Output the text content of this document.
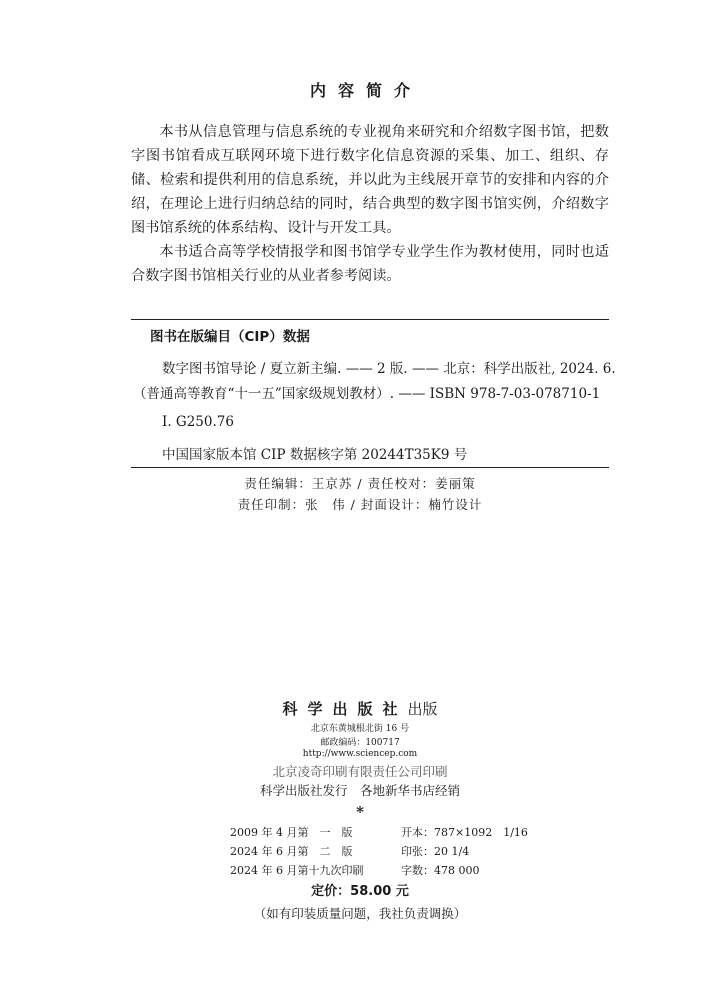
内容简介

本书从信息管理与信息系统的专业视角来研究和介绍数字图书馆，把数字图书馆看成互联网环境下进行数字化信息资源的采集、加工、组织、存储、检索和提供利用的信息系统，并以此为主线展开章节的安排和内容的介绍，在理论上进行归纳总结的同时，结合典型的数字图书馆实例，介绍数字图书馆系统的体系结构、设计与开发工具。

本书适合高等学校情报学和图书馆学专业学生作为教材使用，同时也适合数字图书馆相关行业的从业者参考阅读。

图书在版编目（CIP）数据
数字图书馆导论 / 夏立新主编. —— 2 版. —— 北京：科学出版社, 2024. 6.
（普通高等教育“十一五”国家级规划教材）. —— ISBN 978-7-03-078710-1
Ⅰ. G250.76
中国国家版本馆 CIP 数据核字第 20244T35K9 号
责任编辑：王京苏 / 责任校对：姜丽策
责任印制：张　伟 / 封面设计：楠竹设计
科学出版社出版
北京东黄城根北街 16 号
邮政编码：100717
http://www.sciencep.com
北京凌奇印刷有限责任公司印刷
科学出版社发行　各地新华书店经销
*
2009 年 4 月第　一　版	开本：787×1092　1/16
2024 年 6 月第　二　版	印张：20 1/4
2024 年 6 月第十九次印刷	字数：478 000
定价：58.00 元
（如有印装质量问题，我社负责调换）
